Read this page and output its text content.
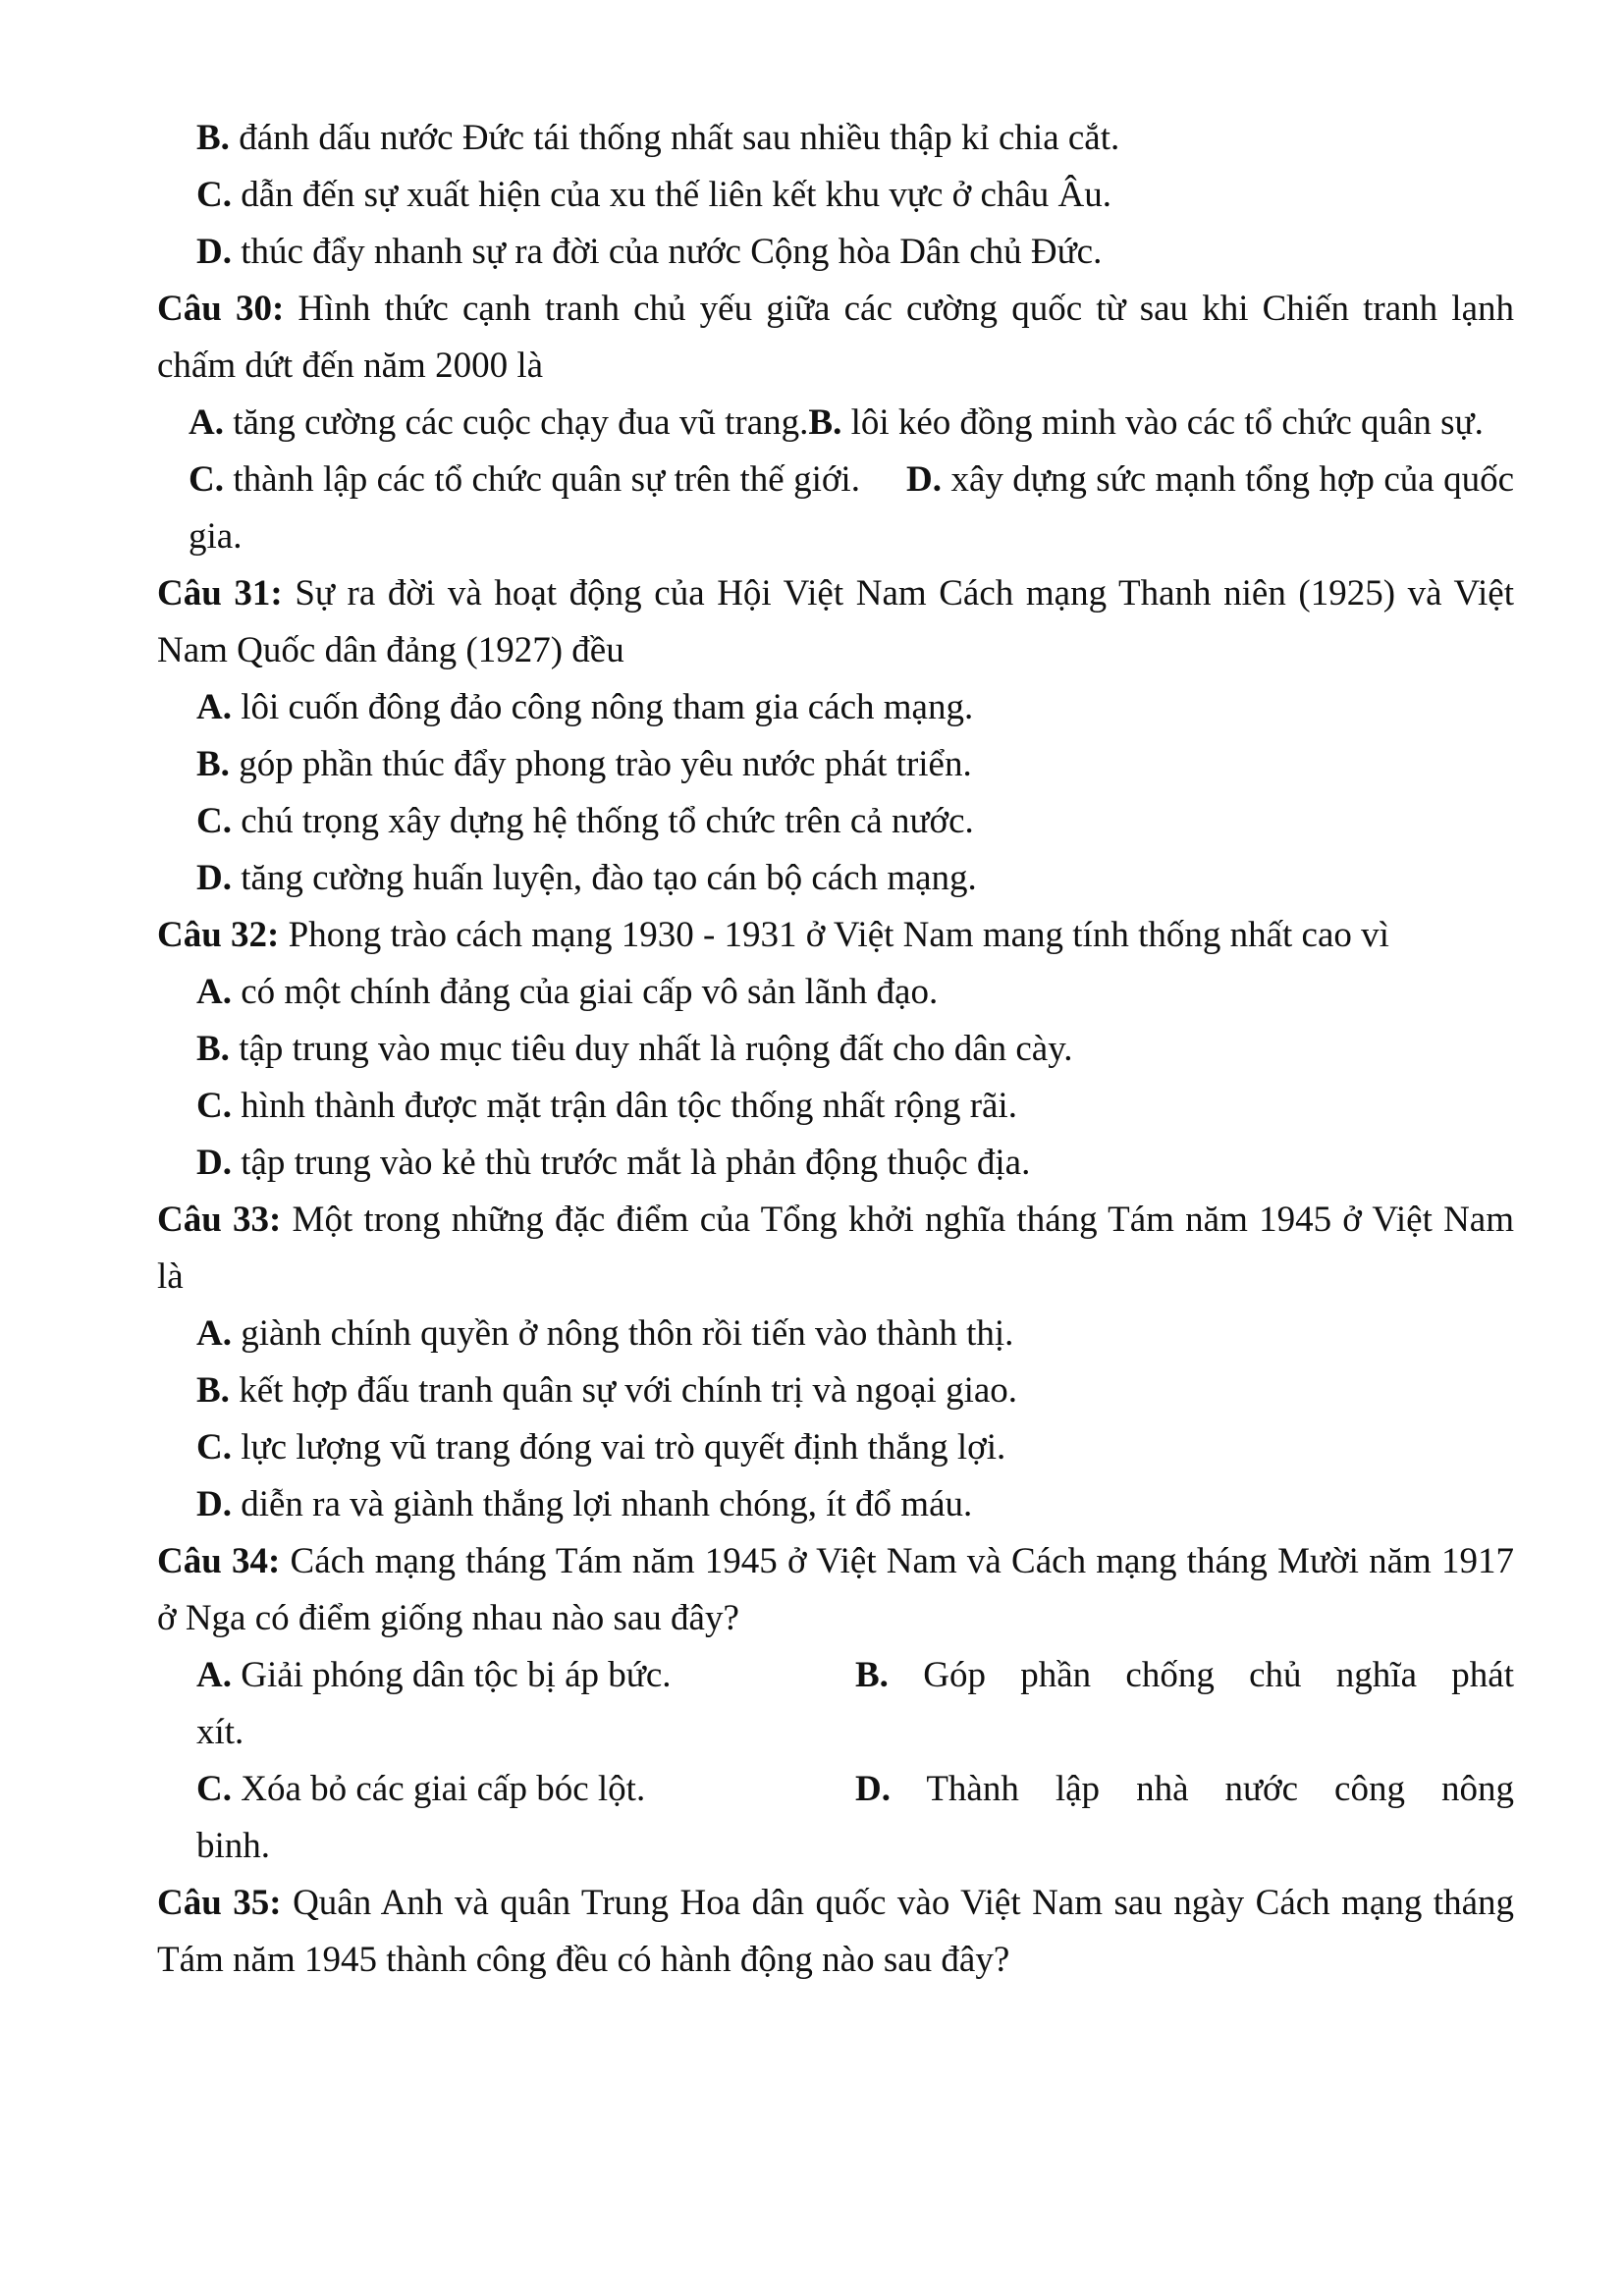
B. đánh dấu nước Đức tái thống nhất sau nhiều thập kỉ chia cắt.
C. dẫn đến sự xuất hiện của xu thế liên kết khu vực ở châu Âu.
D. thúc đẩy nhanh sự ra đời của nước Cộng hòa Dân chủ Đức.
Câu 30: Hình thức cạnh tranh chủ yếu giữa các cường quốc từ sau khi Chiến tranh lạnh chấm dứt đến năm 2000 là
A. tăng cường các cuộc chạy đua vũ trang.B. lôi kéo đồng minh vào các tổ chức quân sự.
C. thành lập các tổ chức quân sự trên thế giới. D. xây dựng sức mạnh tổng hợp của quốc gia.
Câu 31: Sự ra đời và hoạt động của Hội Việt Nam Cách mạng Thanh niên (1925) và Việt Nam Quốc dân đảng (1927) đều
A. lôi cuốn đông đảo công nông tham gia cách mạng.
B. góp phần thúc đẩy phong trào yêu nước phát triển.
C. chú trọng xây dựng hệ thống tổ chức trên cả nước.
D. tăng cường huấn luyện, đào tạo cán bộ cách mạng.
Câu 32: Phong trào cách mạng 1930 - 1931 ở Việt Nam mang tính thống nhất cao vì
A. có một chính đảng của giai cấp vô sản lãnh đạo.
B. tập trung vào mục tiêu duy nhất là ruộng đất cho dân cày.
C. hình thành được mặt trận dân tộc thống nhất rộng rãi.
D. tập trung vào kẻ thù trước mắt là phản động thuộc địa.
Câu 33: Một trong những đặc điểm của Tổng khởi nghĩa tháng Tám năm 1945 ở Việt Nam là
A. giành chính quyền ở nông thôn rồi tiến vào thành thị.
B. kết hợp đấu tranh quân sự với chính trị và ngoại giao.
C. lực lượng vũ trang đóng vai trò quyết định thắng lợi.
D. diễn ra và giành thắng lợi nhanh chóng, ít đổ máu.
Câu 34: Cách mạng tháng Tám năm 1945 ở Việt Nam và Cách mạng tháng Mười năm 1917 ở Nga có điểm giống nhau nào sau đây?
A. Giải phóng dân tộc bị áp bức.	B. Góp phần chống chủ nghĩa phát
xít.
C. Xóa bỏ các giai cấp bóc lột.	D. Thành lập nhà nước công nông
binh.
Câu 35: Quân Anh và quân Trung Hoa dân quốc vào Việt Nam sau ngày Cách mạng tháng Tám năm 1945 thành công đều có hành động nào sau đây?
